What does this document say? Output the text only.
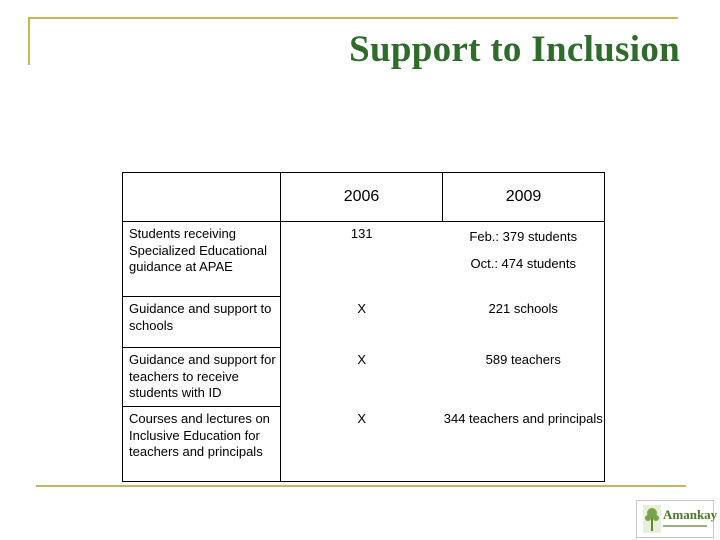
Support to Inclusion
	2006	2009
Students receiving Specialized Educational guidance at APAE	131	Feb.: 379 students
Oct.: 474 students

Guidance and support to schools	X	221 schools
Guidance and support for teachers to receive students with ID	X	589 teachers
Courses and lectures on Inclusive Education for teachers and principals	X	344 teachers and principals
Amankay
